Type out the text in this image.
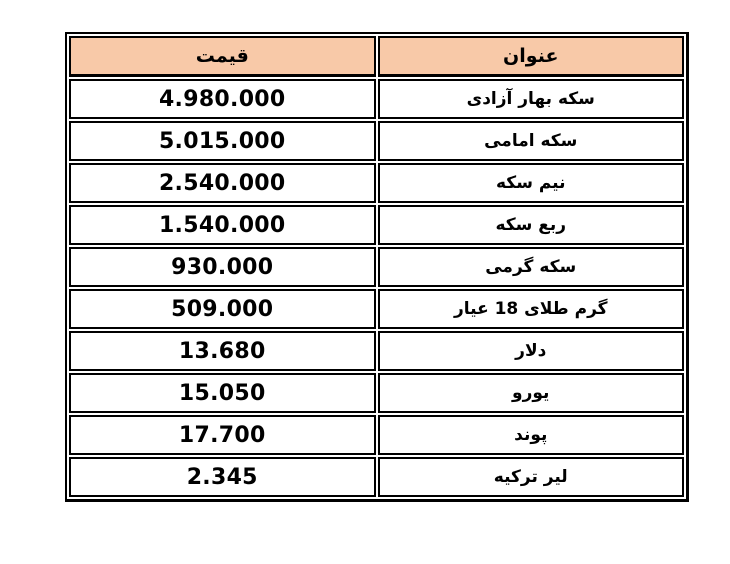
عنوان	قیمت
سکه بهار آزادی	4.980.000
سکه امامی	5.015.000
نیم سکه	2.540.000
ربع سکه	1.540.000
سکه گرمی	930.000
گرم طلای 18 عیار	509.000
دلار	13.680
یورو	15.050
پوند	17.700
لیر ترکیه	2.345
